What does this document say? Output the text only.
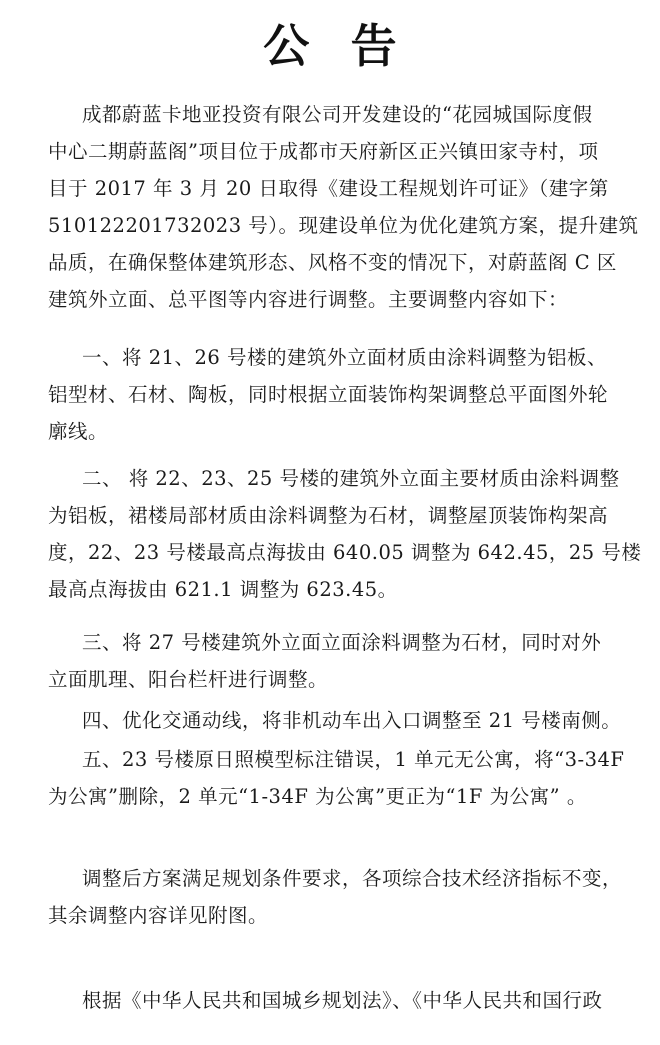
公告

成都蔚蓝卡地亚投资有限公司开发建设的“花园城国际度假
中心二期蔚蓝阁”项目位于成都市天府新区正兴镇田家寺村，项
目于 2017 年 3 月 20 日取得《建设工程规划许可证》（建字第
510122201732023 号）。现建设单位为优化建筑方案，提升建筑
品质，在确保整体建筑形态、风格不变的情况下，对蔚蓝阁 C 区
建筑外立面、总平图等内容进行调整。主要调整内容如下：

一、将 21、26 号楼的建筑外立面材质由涂料调整为铝板、
铝型材、石材、陶板，同时根据立面装饰构架调整总平面图外轮
廓线。

二、 将 22、23、25 号楼的建筑外立面主要材质由涂料调整
为铝板，裙楼局部材质由涂料调整为石材，调整屋顶装饰构架高
度，22、23 号楼最高点海拔由 640.05 调整为 642.45，25 号楼
最高点海拔由 621.1 调整为 623.45。

三、将 27 号楼建筑外立面立面涂料调整为石材，同时对外
立面肌理、阳台栏杆进行调整。

四、优化交通动线，将非机动车出入口调整至 21 号楼南侧。

五、23 号楼原日照模型标注错误，1 单元无公寓，将“3-34F
为公寓”删除，2 单元“1-34F 为公寓”更正为“1F 为公寓” 。

调整后方案满足规划条件要求，各项综合技术经济指标不变，
其余调整内容详见附图。

根据《中华人民共和国城乡规划法》、《中华人民共和国行政
